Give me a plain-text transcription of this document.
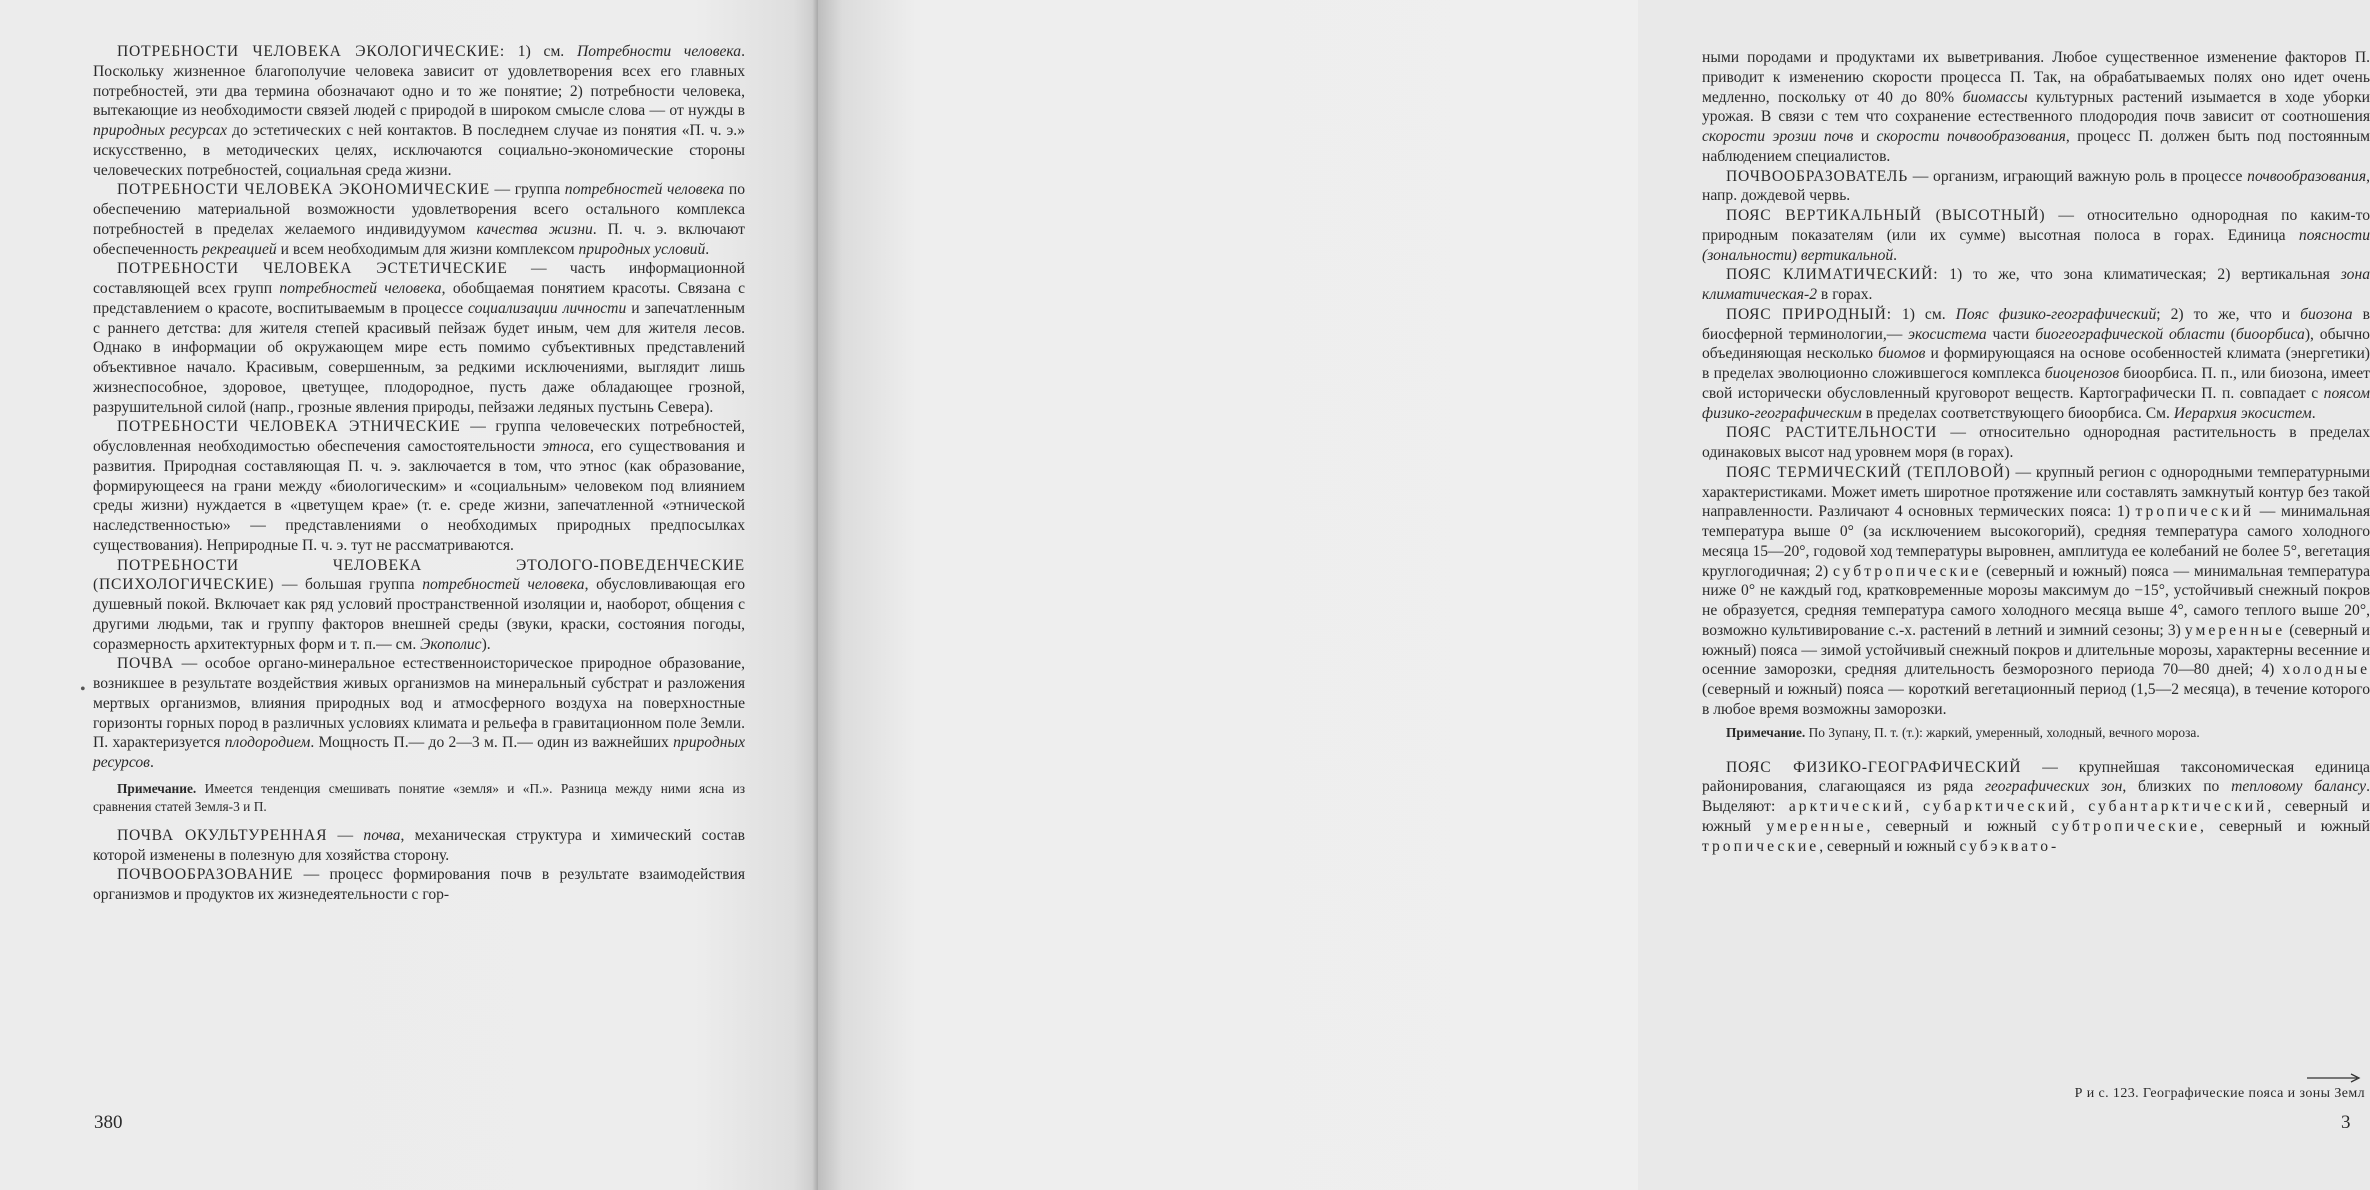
ПОТРЕБНОСТИ ЧЕЛОВЕКА ЭКОЛОГИЧЕСКИЕ: 1) см. Потребности человека. Поскольку жизненное благополучие человека зависит от удовлетворения всех его главных потребностей, эти два термина обозначают одно и то же понятие; 2) потребности человека, вытекающие из необходимости связей людей с природой в широком смысле слова — от нужды в природных ресурсах до эстетических с ней контактов. В последнем случае из понятия «П. ч. э.» искусственно, в методических целях, исключаются социально-экономические стороны человеческих потребностей, социальная среда жизни.

ПОТРЕБНОСТИ ЧЕЛОВЕКА ЭКОНОМИЧЕСКИЕ — группа потребностей человека по обеспечению материальной возможности удовлетворения всего остального комплекса потребностей в пределах желаемого индивидуумом качества жизни. П. ч. э. включают обеспеченность рекреацией и всем необходимым для жизни комплексом природных условий.

ПОТРЕБНОСТИ ЧЕЛОВЕКА ЭСТЕТИЧЕСКИЕ — часть информационной составляющей всех групп потребностей человека, обобщаемая понятием красоты. Связана с представлением о красоте, воспитываемым в процессе социализации личности и запечатленным с раннего детства: для жителя степей красивый пейзаж будет иным, чем для жителя лесов. Однако в информации об окружающем мире есть помимо субъективных представлений объективное начало. Красивым, совершенным, за редкими исключениями, выглядит лишь жизнеспособное, здоровое, цветущее, плодородное, пусть даже обладающее грозной, разрушительной силой (напр., грозные явления природы, пейзажи ледяных пустынь Севера).

ПОТРЕБНОСТИ ЧЕЛОВЕКА ЭТНИЧЕСКИЕ — группа человеческих потребностей, обусловленная необходимостью обеспечения самостоятельности этноса, его существования и развития. Природная составляющая П. ч. э. заключается в том, что этнос (как образование, формирующееся на грани между «биологическим» и «социальным» человеком под влиянием среды жизни) нуждается в «цветущем крае» (т. е. среде жизни, запечатленной «этнической наследственностью» — представлениями о необходимых природных предпосылках существования). Неприродные П. ч. э. тут не рассматриваются.

ПОТРЕБНОСТИ ЧЕЛОВЕКА ЭТОЛОГО-ПОВЕДЕНЧЕСКИЕ (ПСИХОЛОГИЧЕСКИЕ) — большая группа потребностей человека, обусловливающая его душевный покой. Включает как ряд условий пространственной изоляции и, наоборот, общения с другими людьми, так и группу факторов внешней среды (звуки, краски, состояния погоды, соразмерность архитектурных форм и т. п.— см. Экополис).

ПОЧВА — особое органо-минеральное естественноисторическое природное образование, возникшее в результате воздействия живых организмов на минеральный субстрат и разложения мертвых организмов, влияния природных вод и атмосферного воздуха на поверхностные горизонты горных пород в различных условиях климата и рельефа в гравитационном поле Земли. П. характеризуется плодородием. Мощность П.— до 2—3 м. П.— один из важнейших природных ресурсов.

Примечание. Имеется тенденция смешивать понятие «земля» и «П.». Разница между ними ясна из сравнения статей Земля-3 и П.

ПОЧВА ОКУЛЬТУРЕННАЯ — почва, механическая структура и химический состав которой изменены в полезную для хозяйства сторону.

ПОЧВООБРАЗОВАНИЕ — процесс формирования почв в результате взаимодействия организмов и продуктов их жизнедеятельности с гор-

380
•

ными породами и продуктами их выветривания. Любое существенное изменение факторов П. приводит к изменению скорости процесса П. Так, на обрабатываемых полях оно идет очень медленно, поскольку от 40 до 80% биомассы культурных растений изымается в ходе уборки урожая. В связи с тем что сохранение естественного плодородия почв зависит от соотношения скорости эрозии почв и скорости почвообразования, процесс П. должен быть под постоянным наблюдением специалистов.

ПОЧВООБРАЗОВАТЕЛЬ — организм, играющий важную роль в процессе почвообразования, напр. дождевой червь.

ПОЯС ВЕРТИКАЛЬНЫЙ (ВЫСОТНЫЙ) — относительно однородная по каким-то природным показателям (или их сумме) высотная полоса в горах. Единица поясности (зональности) вертикальной.

ПОЯС КЛИМАТИЧЕСКИЙ: 1) то же, что зона климатическая; 2) вертикальная зона климатическая-2 в горах.

ПОЯС ПРИРОДНЫЙ: 1) см. Пояс физико-географический; 2) то же, что и биозона в биосферной терминологии,— экосистема части биогеографической области (биоорбиса), обычно объединяющая несколько биомов и формирующаяся на основе особенностей климата (энергетики) в пределах эволюционно сложившегося комплекса биоценозов биоорбиса. П. п., или биозона, имеет свой исторически обусловленный круговорот веществ. Картографически П. п. совпадает с поясом физико-географическим в пределах соответствующего биоорбиса. См. Иерархия экосистем.

ПОЯС РАСТИТЕЛЬНОСТИ — относительно однородная растительность в пределах одинаковых высот над уровнем моря (в горах).

ПОЯС ТЕРМИЧЕСКИЙ (ТЕПЛОВОЙ) — крупный регион с однородными температурными характеристиками. Может иметь широтное протяжение или составлять замкнутый контур без такой направленности. Различают 4 основных термических пояса: 1) тропический — минимальная температура выше 0° (за исключением высокогорий), средняя температура самого холодного месяца 15—20°, годовой ход температуры выровнен, амплитуда ее колебаний не более 5°, вегетация круглогодичная; 2) субтропические (северный и южный) пояса — минимальная температура ниже 0° не каждый год, кратковременные морозы максимум до −15°, устойчивый снежный покров не образуется, средняя температура самого холодного месяца выше 4°, самого теплого выше 20°, возможно культивирование с.-х. растений в летний и зимний сезоны; 3) умеренные (северный и южный) пояса — зимой устойчивый снежный покров и длительные морозы, характерны весенние и осенние заморозки, средняя длительность безморозного периода 70—80 дней; 4) холодные (северный и южный) пояса — короткий вегетационный период (1,5—2 месяца), в течение которого в любое время возможны заморозки.

Примечание. По Зупану, П. т. (т.): жаркий, умеренный, холодный, вечного мороза.

ПОЯС ФИЗИКО-ГЕОГРАФИЧЕСКИЙ — крупнейшая таксономическая единица районирования, слагающаяся из ряда географических зон, близких по тепловому балансу. Выделяют: арктический, субарктический, субантарктический, северный и южный умеренные, северный и южный субтропические, северный и южный тропические, северный и южный субэквато-

Р и с. 123. Географические пояса и зоны Земл
3
